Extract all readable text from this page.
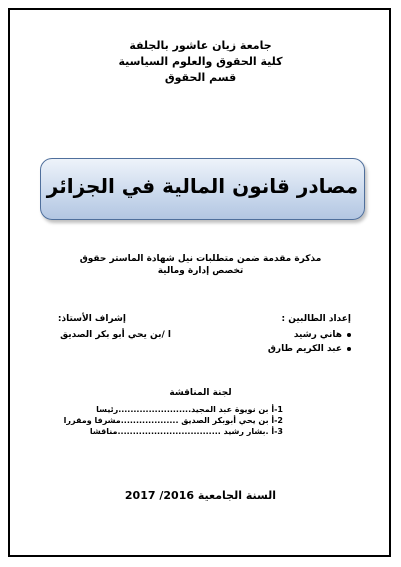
جامعة زيان عاشور بالجلفة
كلية الحقوق والعلوم السياسية
قسم الحقوق
مصادر قانون المالية في الجزائر
مذكرة مقدمة ضمن متطلبات نيل شهادة الماستر حقوق
تخصص إدارة ومالية
إعداد الطالبين :
هاني رشيد
عبد الكريم طارق
إشراف الأستاذ:
ا /بن يحي أبو بكر الصديق
لجنة المناقشة
1-أ بن نويوة عبد المجيد........................رئيسا
2-أ بن يحي أبوبكر الصديق ...................مشرفا ومقررا
3-أ .بشار رشيد ..................................مناقشا
السنة الجامعية 2016/ 2017
